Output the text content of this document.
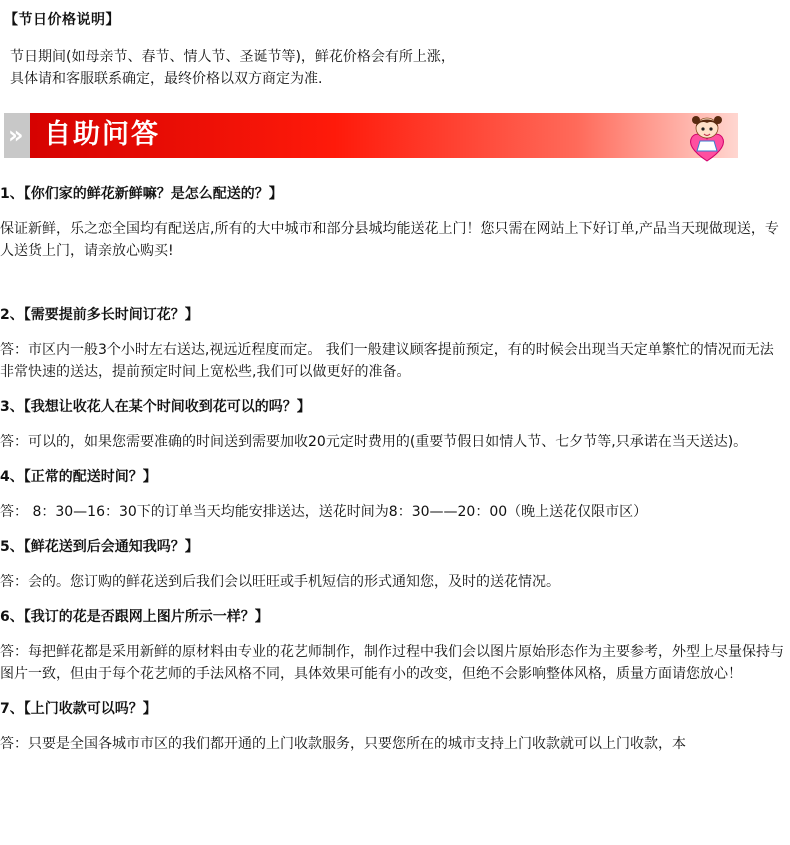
【节日价格说明】
节日期间(如母亲节、春节、情人节、圣诞节等)，鲜花价格会有所上涨，
具体请和客服联系确定，最终价格以双方商定为准.
» 自助问答
1、【你们家的鲜花新鲜嘛？是怎么配送的？】
保证新鲜，乐之恋全国均有配送店,所有的大中城市和部分县城均能送花上门！您只需在网站上下好订单,产品当天现做现送，专人送货上门，请亲放心购买!
2、【需要提前多长时间订花？】
答：市区内一般3个小时左右送达,视远近程度而定。 我们一般建议顾客提前预定，有的时候会出现当天定单繁忙的情况而无法非常快速的送达，提前预定时间上宽松些,我们可以做更好的准备。
3、【我想让收花人在某个时间收到花可以的吗？】
答：可以的，如果您需要准确的时间送到需要加收20元定时费用的(重要节假日如情人节、七夕节等,只承诺在当天送达)。
4、【正常的配送时间？】
答： 8：30—16：30下的订单当天均能安排送达，送花时间为8：30——20：00（晚上送花仅限市区）
5、【鲜花送到后会通知我吗？】
答：会的。您订购的鲜花送到后我们会以旺旺或手机短信的形式通知您，及时的送花情况。
6、【我订的花是否跟网上图片所示一样？】
答：每把鲜花都是采用新鲜的原材料由专业的花艺师制作，制作过程中我们会以图片原始形态作为主要参考，外型上尽量保持与图片一致，但由于每个花艺师的手法风格不同，具体效果可能有小的改变，但绝不会影响整体风格，质量方面请您放心！
7、【上门收款可以吗？】
答：只要是全国各城市市区的我们都开通的上门收款服务，只要您所在的城市支持上门收款就可以上门收款，本
